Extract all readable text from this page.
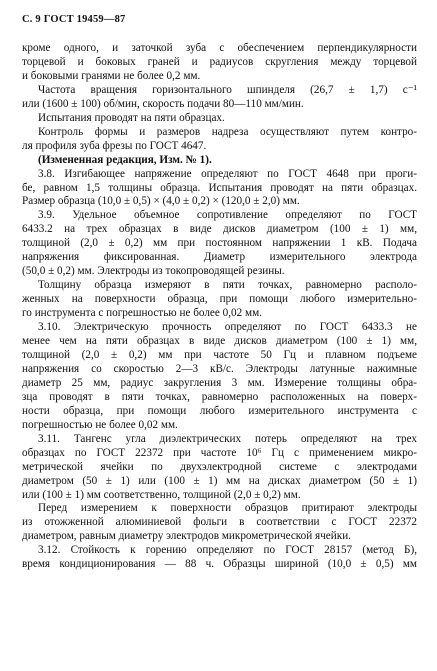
С. 9 ГОСТ 19459—87
кроме одного, и заточкой зуба с обеспечением перпендикулярности
торцевой и боковых граней и радиусов скругления между торцевой
и боковыми гранями не более 0,2 мм.
Частота вращения горизонтального шпинделя (26,7 ± 1,7) с⁻¹
или (1600 ± 100) об/мин, скорость подачи 80—110 мм/мин.
Испытания проводят на пяти образцах.
Контроль формы и размеров надреза осуществляют путем контро-
ля профиля зуба фрезы по ГОСТ 4647.
(Измененная редакция, Изм. № 1).
3.8. Изгибающее напряжение определяют по ГОСТ 4648 при проги-
бе, равном 1,5 толщины образца. Испытания проводят на пяти образцах.
Размер образца (10,0 ± 0,5) × (4,0 ± 0,2) × (120,0 ± 2,0) мм.
3.9. Удельное объемное сопротивление определяют по ГОСТ
6433.2 на трех образцах в виде дисков диаметром (100 ± 1) мм,
толщиной (2,0 ± 0,2) мм при постоянном напряжении 1 кВ. Подача
напряжения фиксированная. Диаметр измерительного электрода
(50,0 ± 0,2) мм. Электроды из токопроводящей резины.
Толщину образца измеряют в пяти точках, равномерно располо-
женных на поверхности образца, при помощи любого измерительно-
го инструмента с погрешностью не более 0,02 мм.
3.10. Электрическую прочность определяют по ГОСТ 6433.3 не
менее чем на пяти образцах в виде дисков диаметром (100 ± 1) мм,
толщиной (2,0 ± 0,2) мм при частоте 50 Гц и плавном подъеме
напряжения со скоростью 2—3 кВ/с. Электроды латунные нажимные
диаметр 25 мм, радиус закругления 3 мм. Измерение толщины обра-
зца проводят в пяти точках, равномерно расположенных на поверх-
ности образца, при помощи любого измерительного инструмента с
погрешностью не более 0,02 мм.
3.11. Тангенс угла диэлектрических потерь определяют на трех
образцах по ГОСТ 22372 при частоте 10⁶ Гц с применением микро-
метрической ячейки по двухэлектродной системе с электродами
диаметром (50 ± 1) или (100 ± 1) мм на дисках диаметром (50 ± 1)
или (100 ± 1) мм соответственно, толщиной (2,0 ± 0,2) мм.
Перед измерением к поверхности образцов притирают электроды
из отожженной алюминиевой фольги в соответствии с ГОСТ 22372
диаметром, равным диаметру электродов микрометрической ячейки.
3.12. Стойкость к горению определяют по ГОСТ 28157 (метод Б),
время кондиционирования — 88 ч. Образцы шириной (10,0 ± 0,5) мм
